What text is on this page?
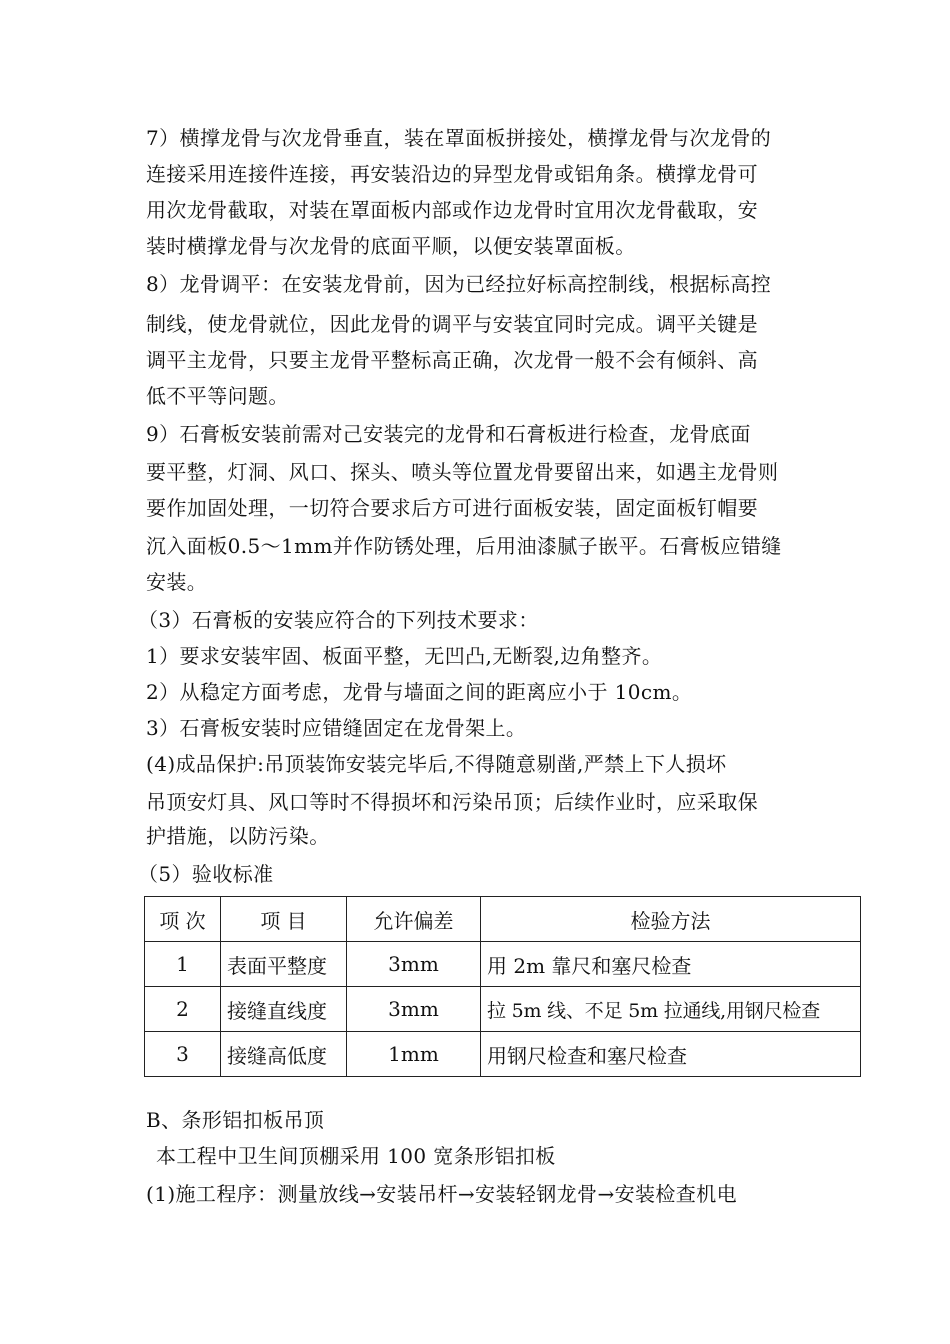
7）横撑龙骨与次龙骨垂直，装在罩面板拼接处，横撑龙骨与次龙骨的
连接采用连接件连接，再安装沿边的异型龙骨或铝角条。横撑龙骨可
用次龙骨截取，对装在罩面板内部或作边龙骨时宜用次龙骨截取，安
装时横撑龙骨与次龙骨的底面平顺，以便安装罩面板。
8）龙骨调平：在安装龙骨前，因为已经拉好标高控制线，根据标高控
制线，使龙骨就位，因此龙骨的调平与安装宜同时完成。调平关键是
调平主龙骨，只要主龙骨平整标高正确，次龙骨一般不会有倾斜、高
低不平等问题。
9）石膏板安装前需对己安装完的龙骨和石膏板进行检查，龙骨底面
要平整，灯洞、风口、探头、喷头等位置龙骨要留出来，如遇主龙骨则
要作加固处理，一切符合要求后方可进行面板安装，固定面板钉帽要
沉入面板0.5～1mm并作防锈处理，后用油漆腻子嵌平。石膏板应错缝
安装。
（3）石膏板的安装应符合的下列技术要求：
1）要求安装牢固、板面平整，无凹凸,无断裂,边角整齐。
2）从稳定方面考虑，龙骨与墙面之间的距离应小于 10cm。
3）石膏板安装时应错缝固定在龙骨架上。
(4)成品保护:吊顶装饰安装完毕后,不得随意剔凿,严禁上下人损坏
吊顶安灯具、风口等时不得损坏和污染吊顶；后续作业时，应采取保
护措施，以防污染。
（5）验收标准
项 次	项 目	允许偏差	检验方法
1	表面平整度	3mm	用 2m 靠尺和塞尺检查
2	接缝直线度	3mm	拉 5m 线、不足 5m 拉通线,用钢尺检查
3	接缝高低度	1mm	用钢尺检查和塞尺检查
B、条形铝扣板吊顶
本工程中卫生间顶棚采用 100 宽条形铝扣板
(1)施工程序：测量放线→安装吊杆→安装轻钢龙骨→安装检查机电
